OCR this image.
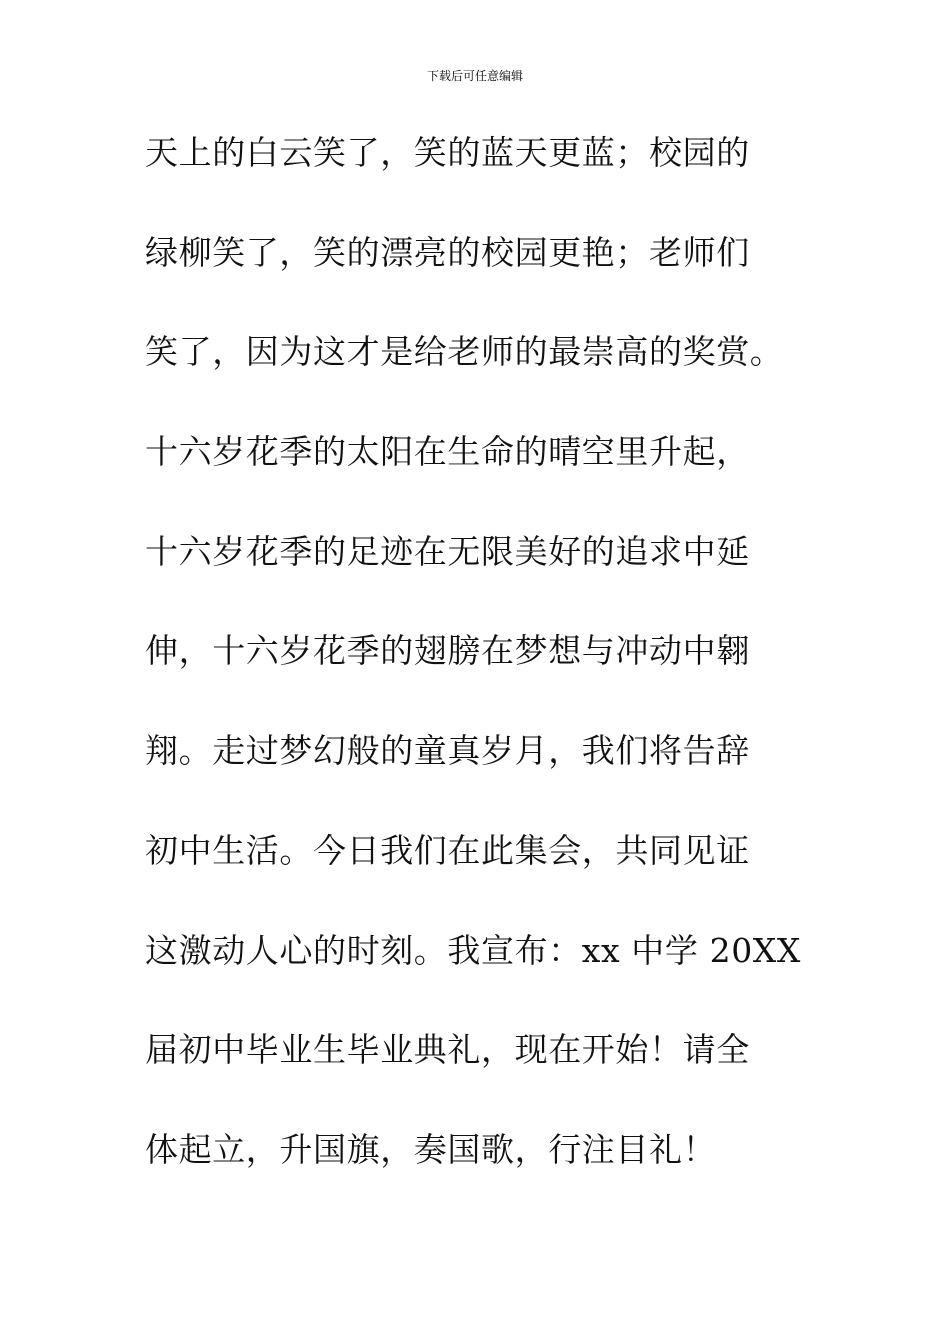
下载后可任意编辑
天上的白云笑了，笑的蓝天更蓝；校园的
绿柳笑了，笑的漂亮的校园更艳；老师们
笑了，因为这才是给老师的最崇高的奖赏。
十六岁花季的太阳在生命的晴空里升起，
十六岁花季的足迹在无限美好的追求中延
伸，十六岁花季的翅膀在梦想与冲动中翱
翔。走过梦幻般的童真岁月，我们将告辞
初中生活。今日我们在此集会，共同见证
这激动人心的时刻。我宣布：xx 中学 20XX
届初中毕业生毕业典礼，现在开始！请全
体起立，升国旗，奏国歌，行注目礼！
